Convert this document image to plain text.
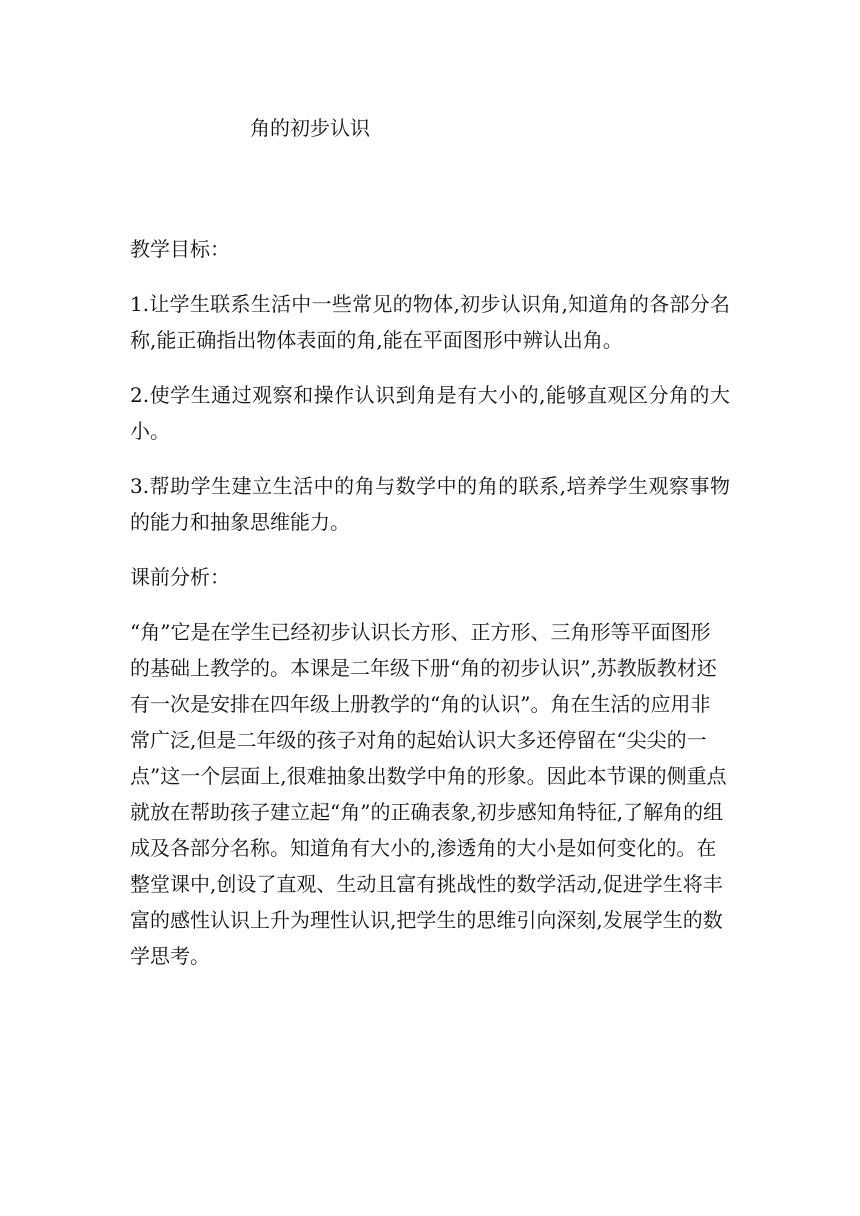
角的初步认识
教学目标：
1.让学生联系生活中一些常见的物体,初步认识角,知道角的各部分名称,能正确指出物体表面的角,能在平面图形中辨认出角。
2.使学生通过观察和操作认识到角是有大小的,能够直观区分角的大小。
3.帮助学生建立生活中的角与数学中的角的联系,培养学生观察事物的能力和抽象思维能力。
课前分析：
“角”它是在学生已经初步认识长方形、正方形、三角形等平面图形的基础上教学的。本课是二年级下册“角的初步认识”,苏教版教材还有一次是安排在四年级上册教学的“角的认识”。角在生活的应用非常广泛,但是二年级的孩子对角的起始认识大多还停留在“尖尖的一点”这一个层面上,很难抽象出数学中角的形象。因此本节课的侧重点就放在帮助孩子建立起“角”的正确表象,初步感知角特征,了解角的组成及各部分名称。知道角有大小的,渗透角的大小是如何变化的。在整堂课中,创设了直观、生动且富有挑战性的数学活动,促进学生将丰富的感性认识上升为理性认识,把学生的思维引向深刻,发展学生的数学思考。
